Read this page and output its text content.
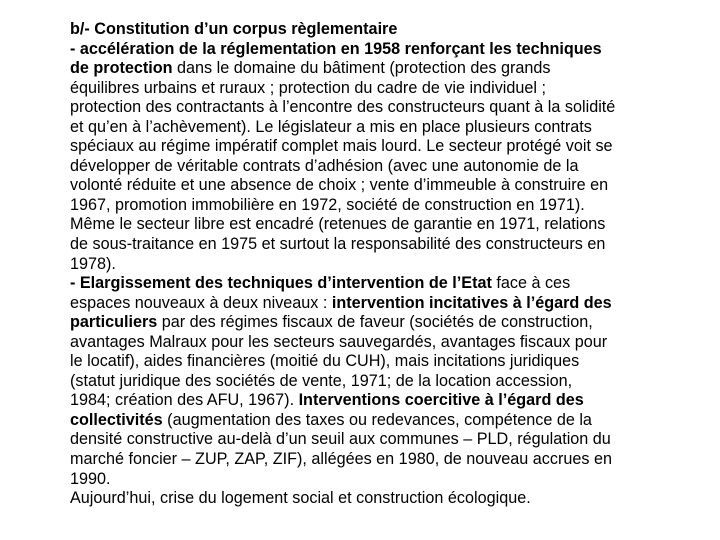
b/- Constitution d’un corpus règlementaire

- accélération de la réglementation en 1958 renforçant les techniques
de protection dans le domaine du bâtiment (protection des grands
équilibres urbains et ruraux ; protection du cadre de vie individuel ;
protection des contractants à l’encontre des constructeurs quant à la solidité
et qu’en à l’achèvement). Le législateur a mis en place plusieurs contrats
spéciaux au régime impératif complet mais lourd. Le secteur protégé voit se
développer de véritable contrats d’adhésion (avec une autonomie de la
volonté réduite et une absence de choix ; vente d’immeuble à construire en
1967, promotion immobilière en 1972, société de construction en 1971).
Même le secteur libre est encadré (retenues de garantie en 1971, relations
de sous-traitance en 1975 et surtout la responsabilité des constructeurs en
1978).

- Elargissement des techniques d’intervention de l’Etat face à ces
espaces nouveaux à deux niveaux : intervention incitatives à l’égard des
particuliers par des régimes fiscaux de faveur (sociétés de construction,
avantages Malraux pour les secteurs sauvegardés, avantages fiscaux pour
le locatif), aides financières (moitié du CUH), mais incitations juridiques
(statut juridique des sociétés de vente, 1971; de la location accession,
1984; création des AFU, 1967). Interventions coercitive à l’égard des
collectivités (augmentation des taxes ou redevances, compétence de la
densité constructive au-delà d’un seuil aux communes – PLD, régulation du
marché foncier – ZUP, ZAP, ZIF), allégées en 1980, de nouveau accrues en
1990.

Aujourd’hui, crise du logement social et construction écologique.
